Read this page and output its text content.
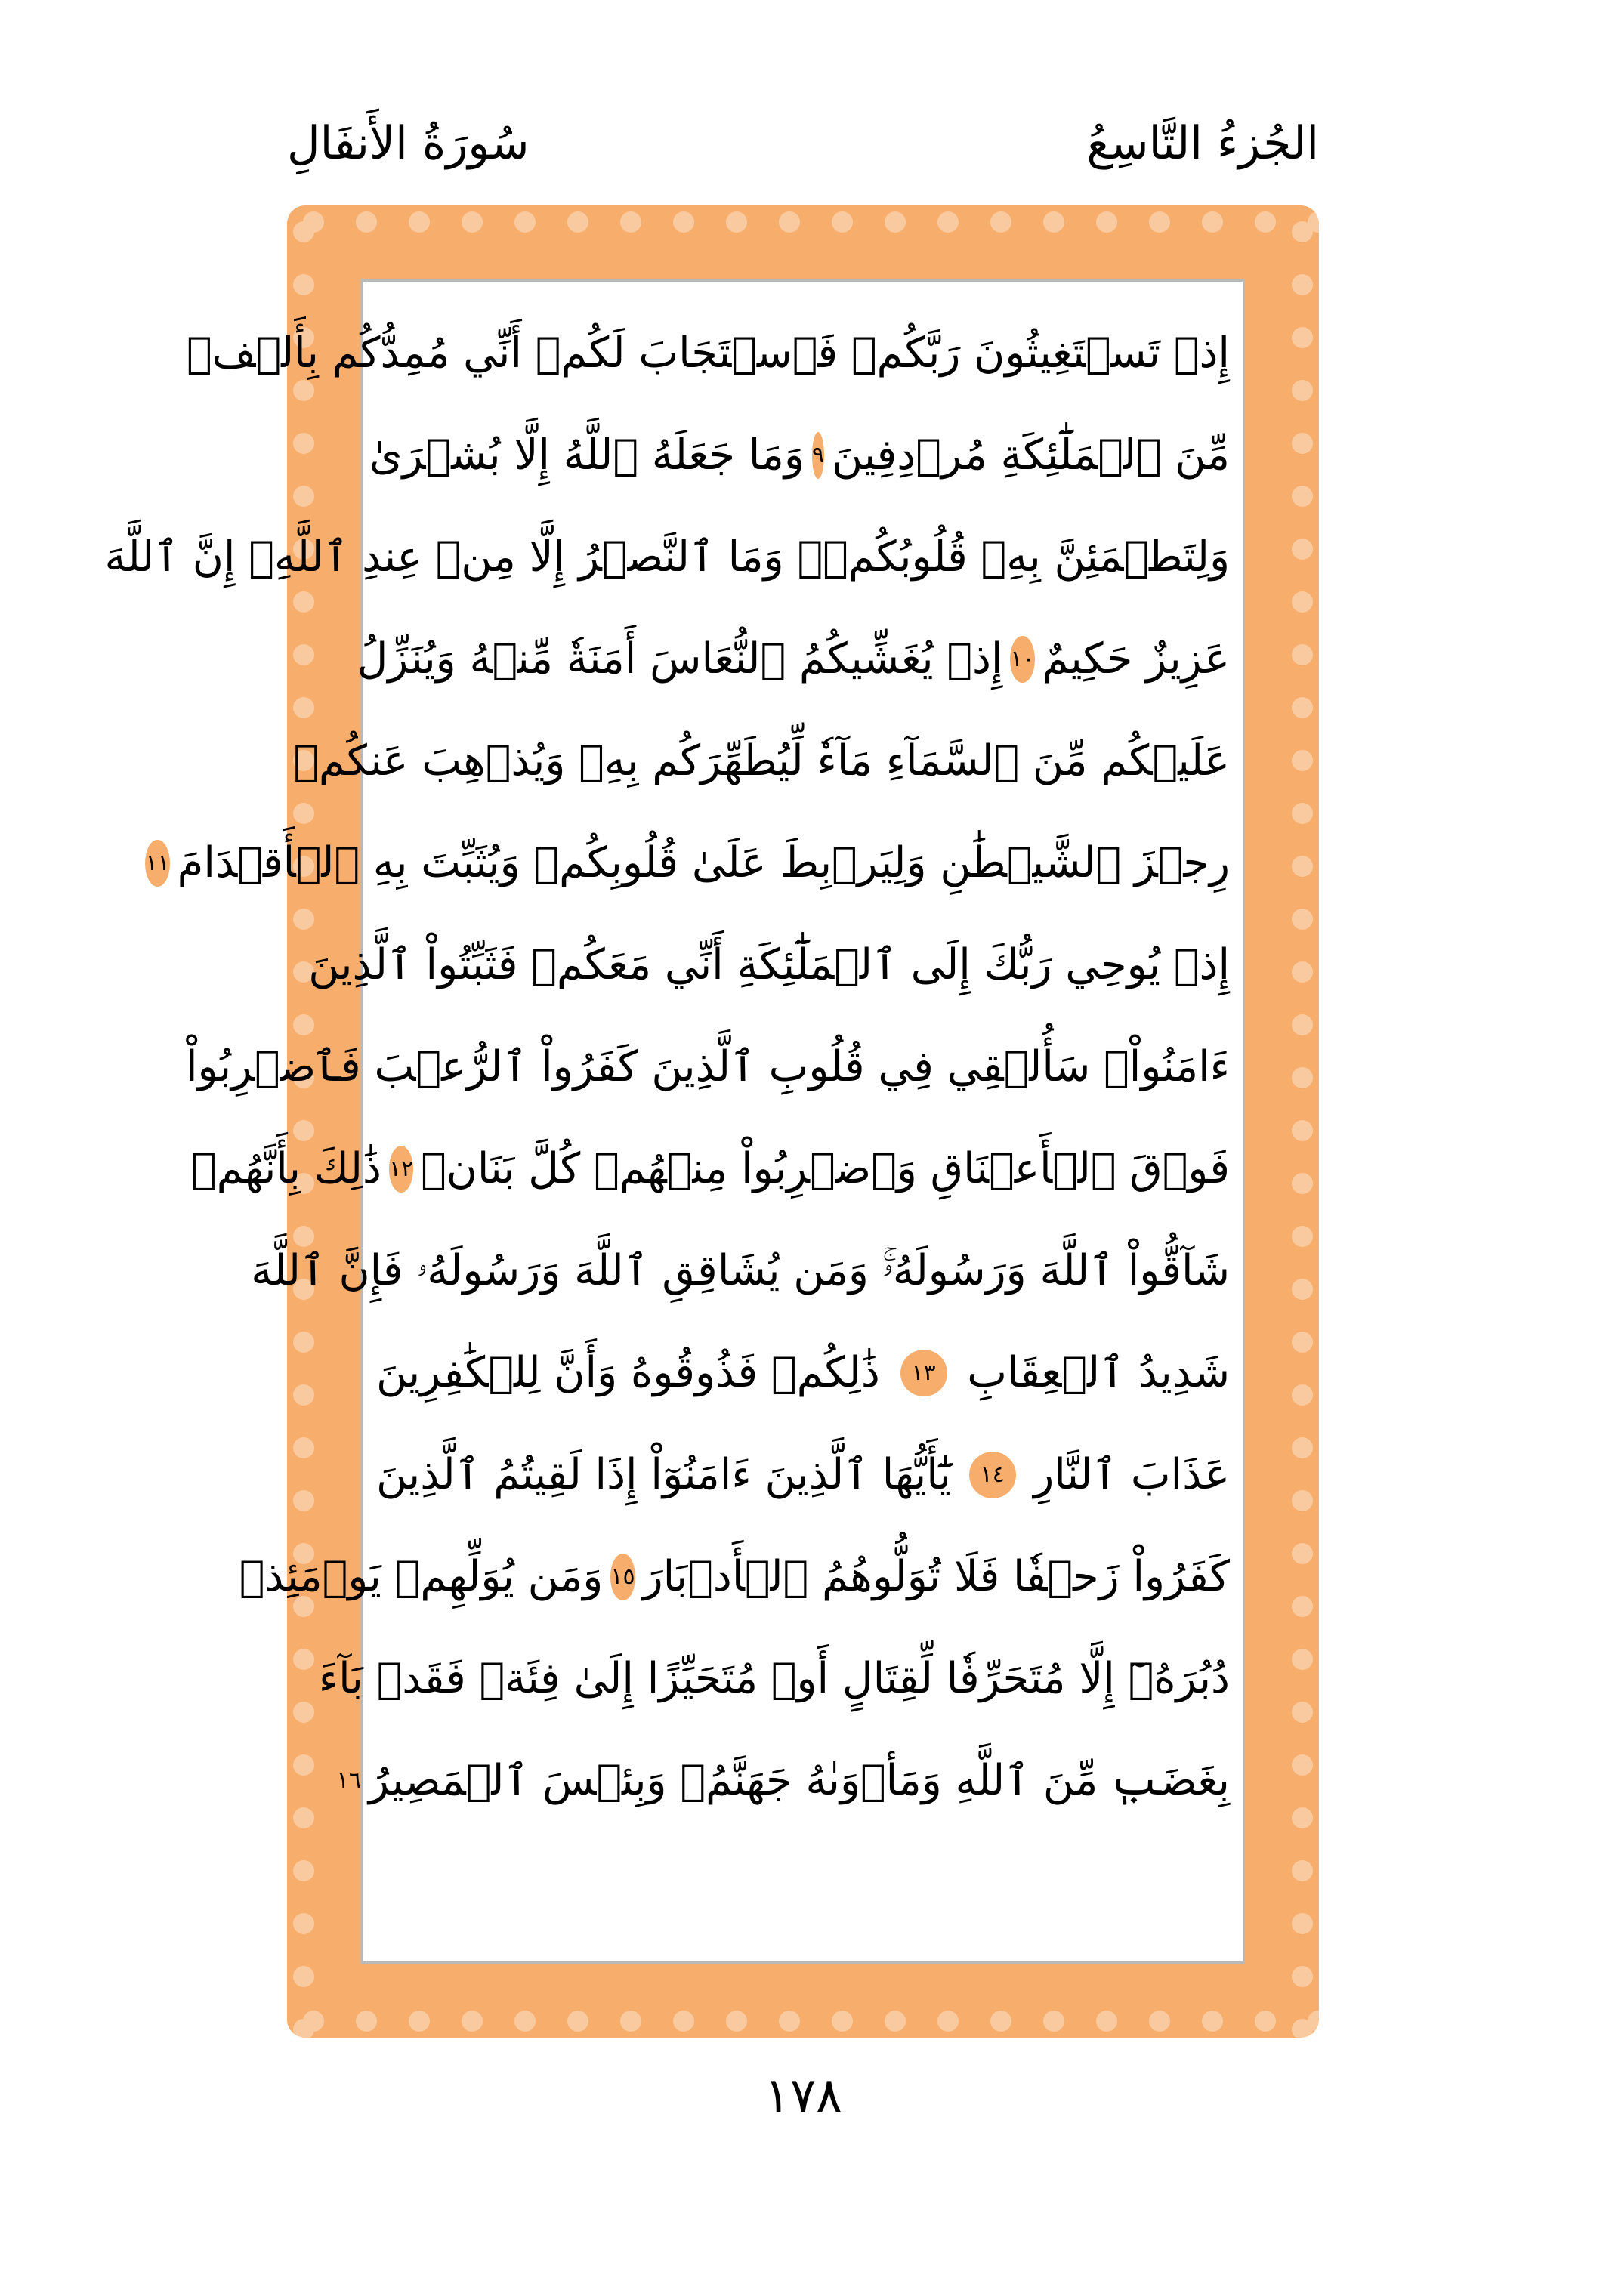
سُورَةُ الأَنفَالِ	الجُزءُ التَّاسِعُ
إِذۡ تَسۡتَغِيثُونَ رَبَّكُمۡ فَٱسۡتَجَابَ لَكُمۡ أَنِّي مُمِدُّكُم بِأَلۡفٖ
مِّنَ ٱلۡمَلَٰٓئِكَةِ مُرۡدِفِينَ
٩
وَمَا جَعَلَهُ ٱللَّهُ إِلَّا بُشۡرَىٰ
وَلِتَطۡمَئِنَّ بِهِۦ قُلُوبُكُمۡۚ وَمَا ٱلنَّصۡرُ إِلَّا مِنۡ عِندِ ٱللَّهِۚ إِنَّ ٱللَّهَ
عَزِيزٌ حَكِيمٌ
١٠
إِذۡ يُغَشِّيكُمُ ٱلنُّعَاسَ أَمَنَةٗ مِّنۡهُ وَيُنَزِّلُ
عَلَيۡكُم مِّنَ ٱلسَّمَآءِ مَآءٗ لِّيُطَهِّرَكُم بِهِۦ وَيُذۡهِبَ عَنكُمۡ
رِجۡزَ ٱلشَّيۡطَٰنِ وَلِيَرۡبِطَ عَلَىٰ قُلُوبِكُمۡ وَيُثَبِّتَ بِهِ ٱلۡأَقۡدَامَ
١١
إِذۡ يُوحِي رَبُّكَ إِلَى ٱلۡمَلَٰٓئِكَةِ أَنِّي مَعَكُمۡ فَثَبِّتُواْ ٱلَّذِينَ
ءَامَنُواْۚ سَأُلۡقِي فِي قُلُوبِ ٱلَّذِينَ كَفَرُواْ ٱلرُّعۡبَ فَٱضۡرِبُواْ
فَوۡقَ ٱلۡأَعۡنَاقِ وَٱضۡرِبُواْ مِنۡهُمۡ كُلَّ بَنَانٖ
١٢
ذَٰلِكَ بِأَنَّهُمۡ
شَآقُّواْ ٱللَّهَ وَرَسُولَهُۥۚ وَمَن يُشَاقِقِ ٱللَّهَ وَرَسُولَهُۥ فَإِنَّ ٱللَّهَ
شَدِيدُ ٱلۡعِقَابِ
١٣
ذَٰلِكُمۡ فَذُوقُوهُ وَأَنَّ لِلۡكَٰفِرِينَ
عَذَابَ ٱلنَّارِ
١٤
يَٰٓأَيُّهَا ٱلَّذِينَ ءَامَنُوٓاْ إِذَا لَقِيتُمُ ٱلَّذِينَ
كَفَرُواْ زَحۡفٗا فَلَا تُوَلُّوهُمُ ٱلۡأَدۡبَارَ
١٥
وَمَن يُوَلِّهِمۡ يَوۡمَئِذٖ
دُبُرَهُۥٓ إِلَّا مُتَحَرِّفٗا لِّقِتَالٍ أَوۡ مُتَحَيِّزًا إِلَىٰ فِئَةٖ فَقَدۡ بَآءَ
بِغَضَبٖ مِّنَ ٱللَّهِ وَمَأۡوَىٰهُ جَهَنَّمُۖ وَبِئۡسَ ٱلۡمَصِيرُ
١٦
١٧٨
